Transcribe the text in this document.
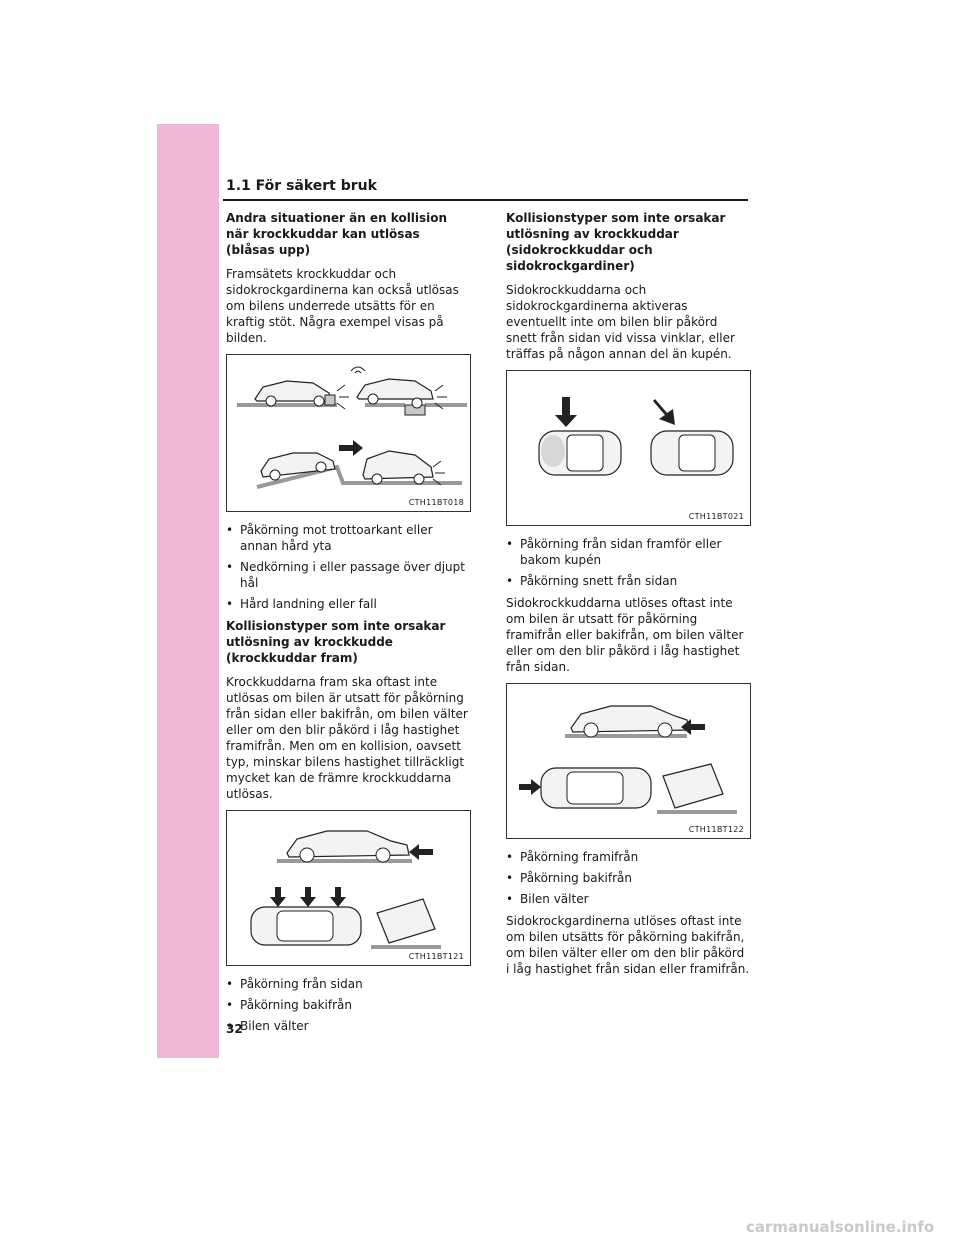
1.1 För säkert bruk
Andra situationer än en kollision när krockkuddar kan utlösas (blåsas upp)

Framsätets krockkuddar och sidokrockgardinerna kan också utlösas om bilens underrede utsätts för en kraftig stöt. Några exempel visas på bilden.

CTH11BT018
• Påkörning mot trottoarkant eller annan hård yta
• Nedkörning i eller passage över djupt hål
• Hård landning eller fall
Kollisionstyper som inte orsakar utlösning av krockkudde (krockkuddar fram)

Krockkuddarna fram ska oftast inte utlösas om bilen är utsatt för påkörning från sidan eller bakifrån, om bilen välter eller om den blir påkörd i låg hastighet framifrån. Men om en kollision, oavsett typ, minskar bilens hastighet tillräckligt mycket kan de främre krockkuddarna utlösas.

CTH11BT121
• Påkörning från sidan
• Påkörning bakifrån
• Bilen välter
Kollisionstyper som inte orsakar utlösning av krockkuddar (sidokrockkuddar och sidokrockgardiner)

Sidokrockkuddarna och sidokrockgardinerna aktiveras eventuellt inte om bilen blir påkörd snett från sidan vid vissa vinklar, eller träffas på någon annan del än kupén.

CTH11BT021
• Påkörning från sidan framför eller bakom kupén
• Påkörning snett från sidan

Sidokrockkuddarna utlöses oftast inte om bilen är utsatt för påkörning framifrån eller bakifrån, om bilen välter eller om den blir påkörd i låg hastighet från sidan.

CTH11BT122
• Påkörning framifrån
• Påkörning bakifrån
• Bilen välter

Sidokrockgardinerna utlöses oftast inte om bilen utsätts för påkörning bakifrån, om bilen välter eller om den blir påkörd i låg hastighet från sidan eller framifrån.

32
carmanualsonline.info
